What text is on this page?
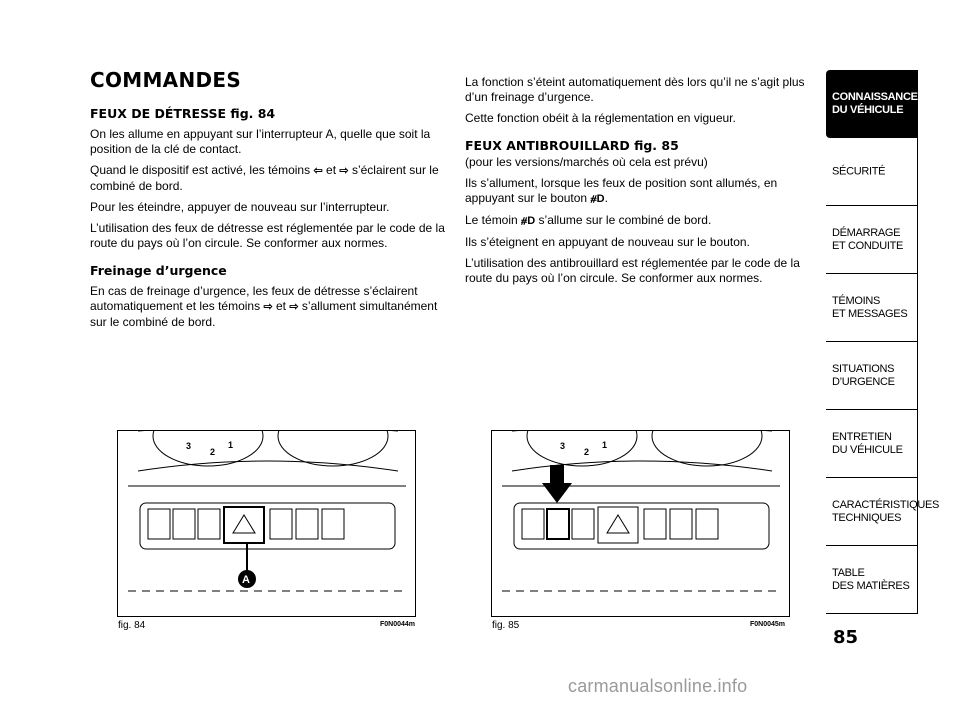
COMMANDES
FEUX DE DÉTRESSE fig. 84

On les allume en appuyant sur l’interrupteur A, quelle que soit la position de la clé de contact.

Quand le dispositif est activé, les témoins ⇦ et ⇨ s’éclairent sur le combiné de bord.

Pour les éteindre, appuyer de nouveau sur l’interrupteur.

L’utilisation des feux de détresse est réglementée par le code de la route du pays où l’on circule. Se conformer aux normes.

Freinage d’urgence

En cas de freinage d’urgence, les feux de détresse s’éclairent automatiquement et les témoins ⇨ et ⇨ s’allument simultanément sur le combiné de bord.

La fonction s’éteint automatiquement dès lors qu’il ne s’agit plus d’un freinage d’urgence.

Cette fonction obéit à la réglementation en vigueur.

FEUX ANTIBROUILLARD fig. 85

(pour les versions/marchés où cela est prévu)

Ils s’allument, lorsque les feux de position sont allumés, en appuyant sur le bouton ⧣D.

Le témoin ⧣D s’allume sur le combiné de bord.

Ils s’éteignent en appuyant de nouveau sur le bouton.

L’utilisation des antibrouillard est réglementée par le code de la route du pays où l’on circule. Se conformer aux normes.

3
2
1
A
fig. 84	F0N0044m
3
2
1
fig. 85	F0N0045m
CONNAISSANCE
DU VÉHICULE
SÉCURITÉ
DÉMARRAGE
ET CONDUITE
TÉMOINS
ET MESSAGES
SITUATIONS
D’URGENCE
ENTRETIEN
DU VÉHICULE
CARACTÉRISTIQUES
TECHNIQUES
TABLE
DES MATIÈRES
85
carmanualsonline.info
